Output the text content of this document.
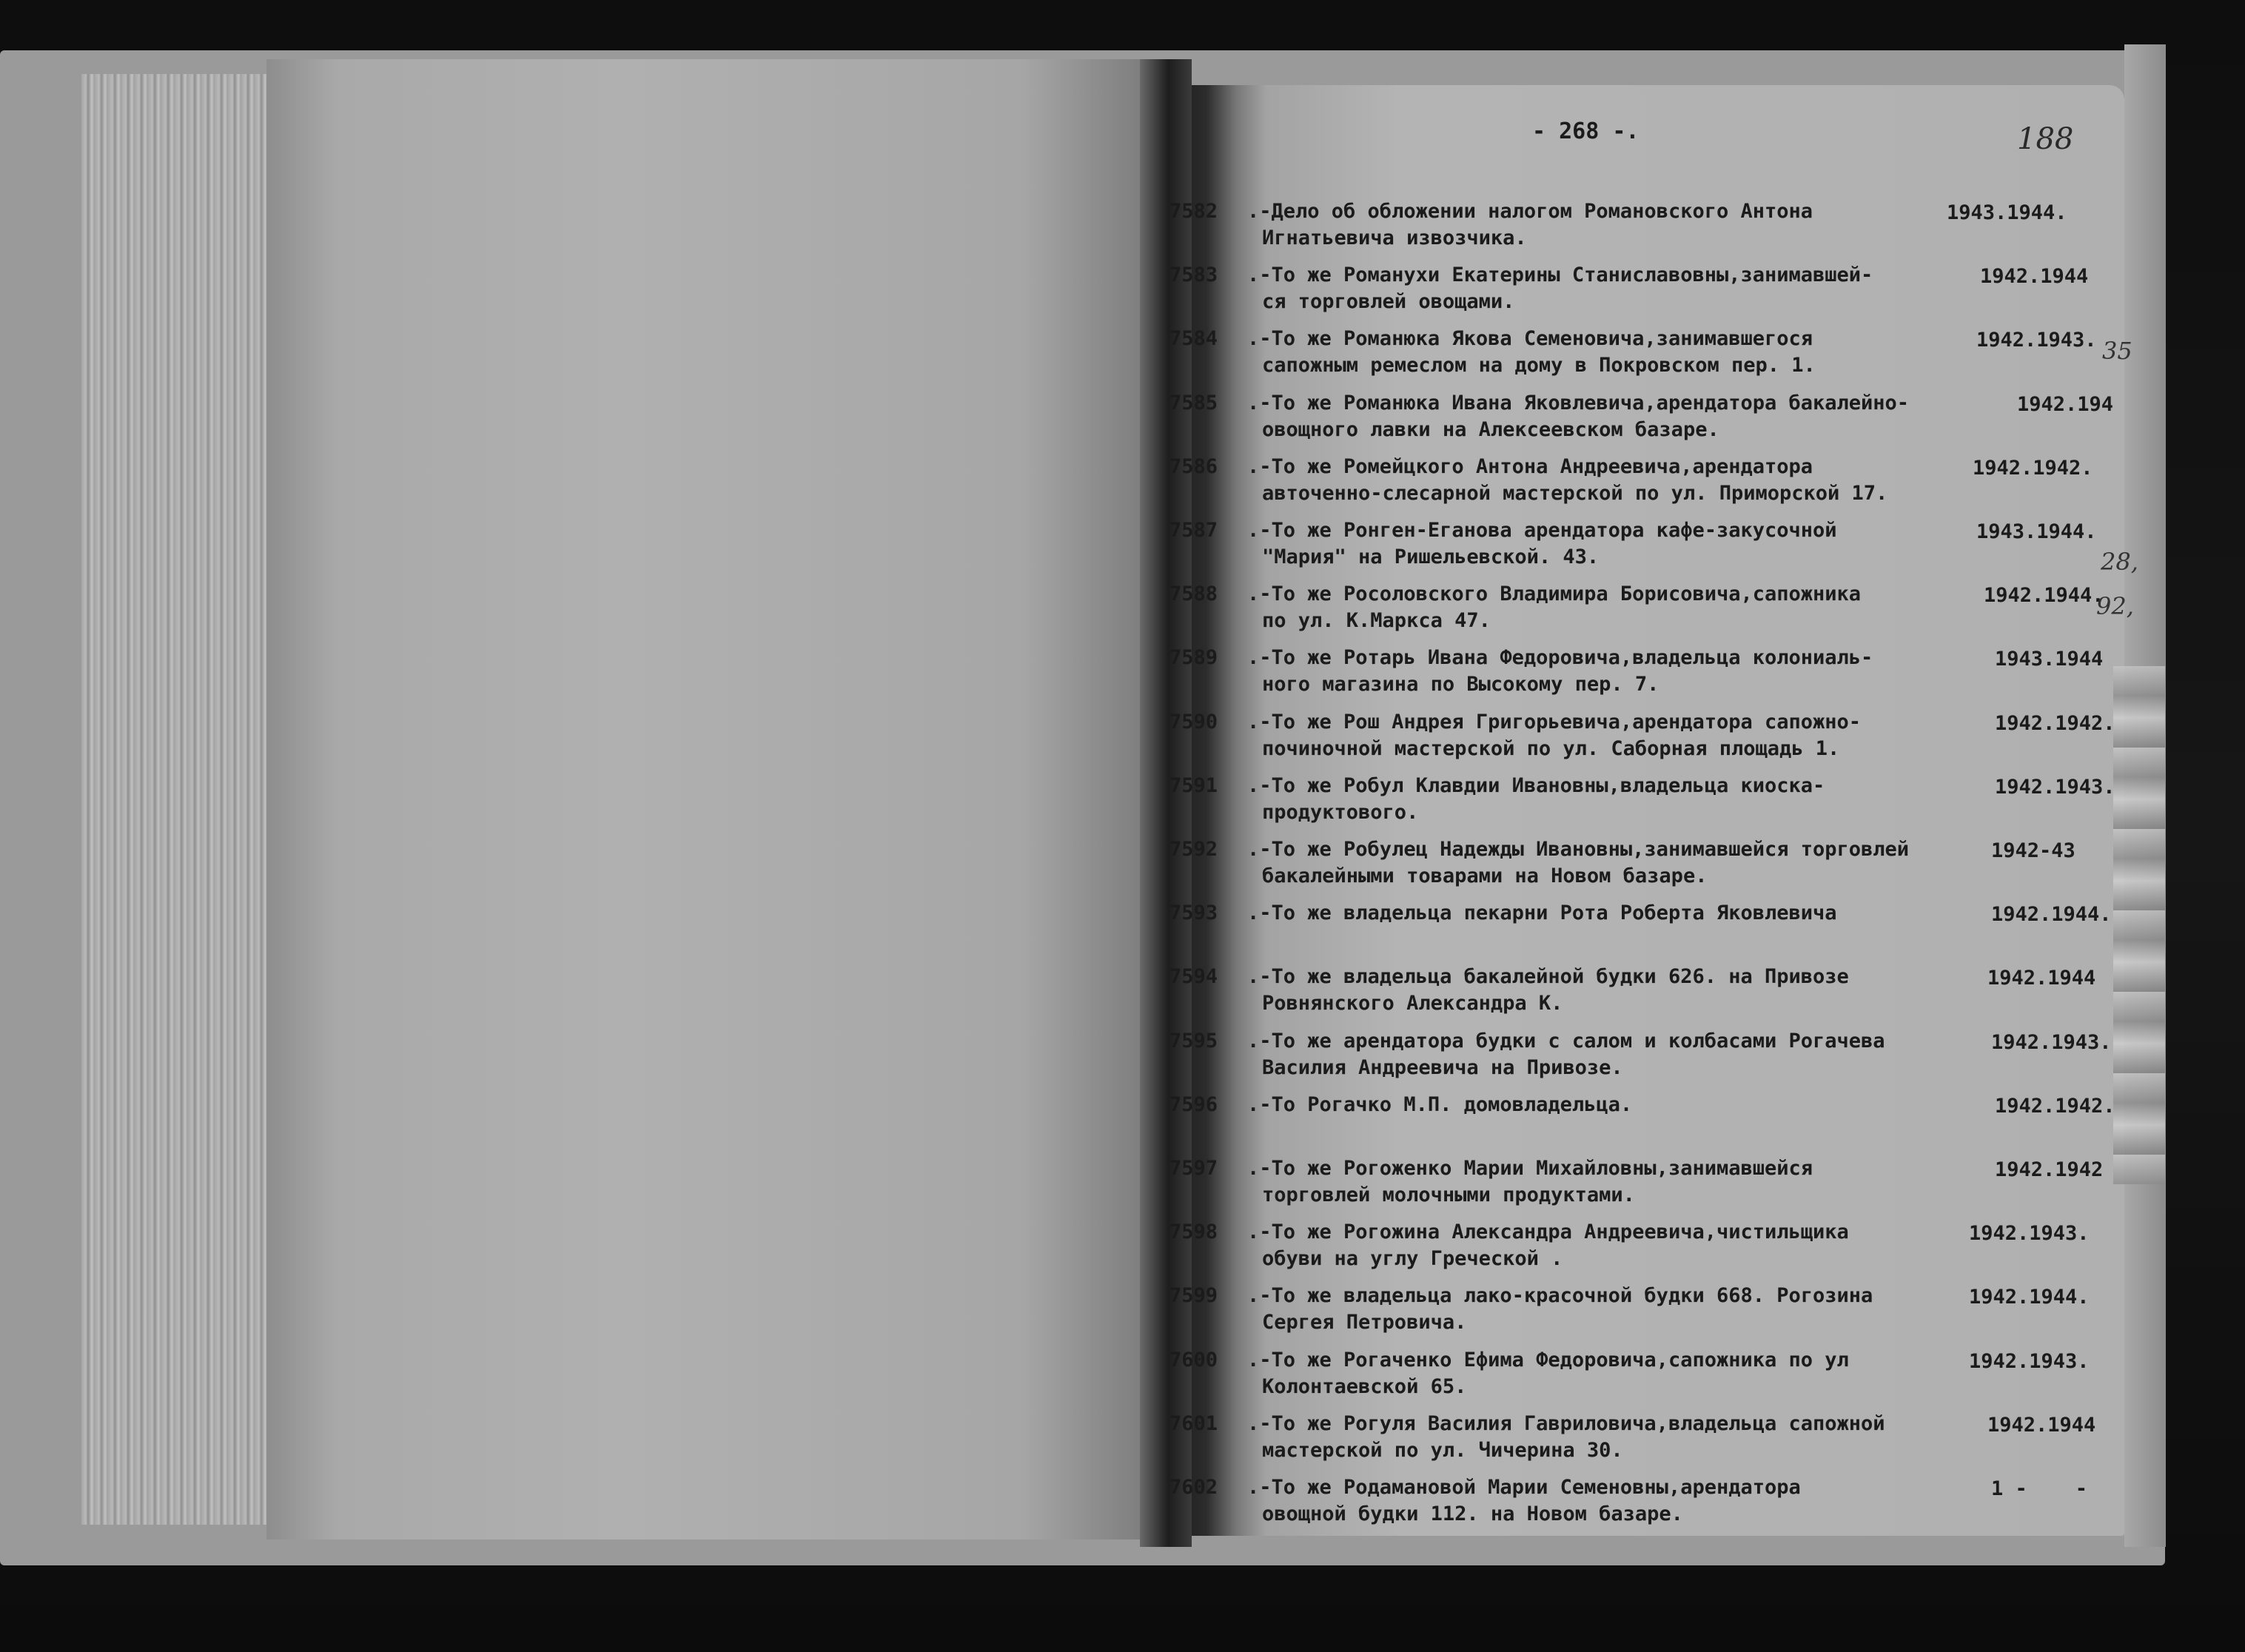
- 268 -.	188
7582 .-Дело об обложении налогом Романовского Антона
Игнатьевича извозчика.
1943.1944.
7583 .-То же Романухи Екатерины Станиславовны,занимавшей-
ся торговлей овощами.
1942.1944
7584 .-То же Романюка Якова Семеновича,занимавшегося
сапожным ремеслом на дому в Покровском пер. 1.
1942.1943.
7585 .-То же Романюка Ивана Яковлевича,арендатора бакалейно-
овощного лавки на Алексеевском базаре.
1942.194
7586 .-То же Ромейцкого Антона Андреевича,арендатора
авточенно-слесарной мастерской по ул. Приморской 17.
1942.1942.
7587 .-То же Ронген-Еганова арендатора кафе-закусочной
"Мария" на Ришельевской. 43.
1943.1944.
7588 .-То же Росоловского Владимира Борисовича,сапожника
по ул. К.Маркса 47.
1942.1944.
7589 .-То же Ротарь Ивана Федоровича,владельца колониаль-
ного магазина по Высокому пер. 7.
1943.1944
7590 .-То же Рош Андрея Григорьевича,арендатора сапожно-
починочной мастерской по ул. Саборная площадь 1.
1942.1942.
7591 .-То же Робул Клавдии Ивановны,владельца киоска-
продуктового.
1942.1943.
7592 .-То же Робулец Надежды Ивановны,занимавшейся торговлей
бакалейными товарами на Новом базаре.
1942-43
7593 .-То же владельца пекарни Рота Роберта Яковлевича	1942.1944.
7594 .-То же владельца бакалейной будки 626. на Привозе
Ровнянского Александра К.
1942.1944
7595 .-То же арендатора будки с салом и колбасами Рогачева
Василия Андреевича на Привозе.
1942.1943.
7596 .-То Рогачко М.П. домовладельца.	1942.1942.
7597 .-То же Рогоженко Марии Михайловны,занимавшейся
торговлей молочными продуктами.
1942.1942
7598 .-То же Рогожина Александра Андреевича,чистильщика
обуви на углу Греческой .
1942.1943.
7599 .-То же владельца лако-красочной будки 668. Рогозина
Сергея Петровича.
1942.1944.
7600 .-То же Рогаченко Ефима Федоровича,сапожника по ул
Колонтаевской 65.
1942.1943.
7601 .-То же Рогуля Василия Гавриловича,владельца сапожной
мастерской по ул. Чичерина 30.
1942.1944
7602 .-То же Родамановой Марии Семеновны,арендатора
овощной будки 112. на Новом базаре.
1 -    -
35
28,
92,
